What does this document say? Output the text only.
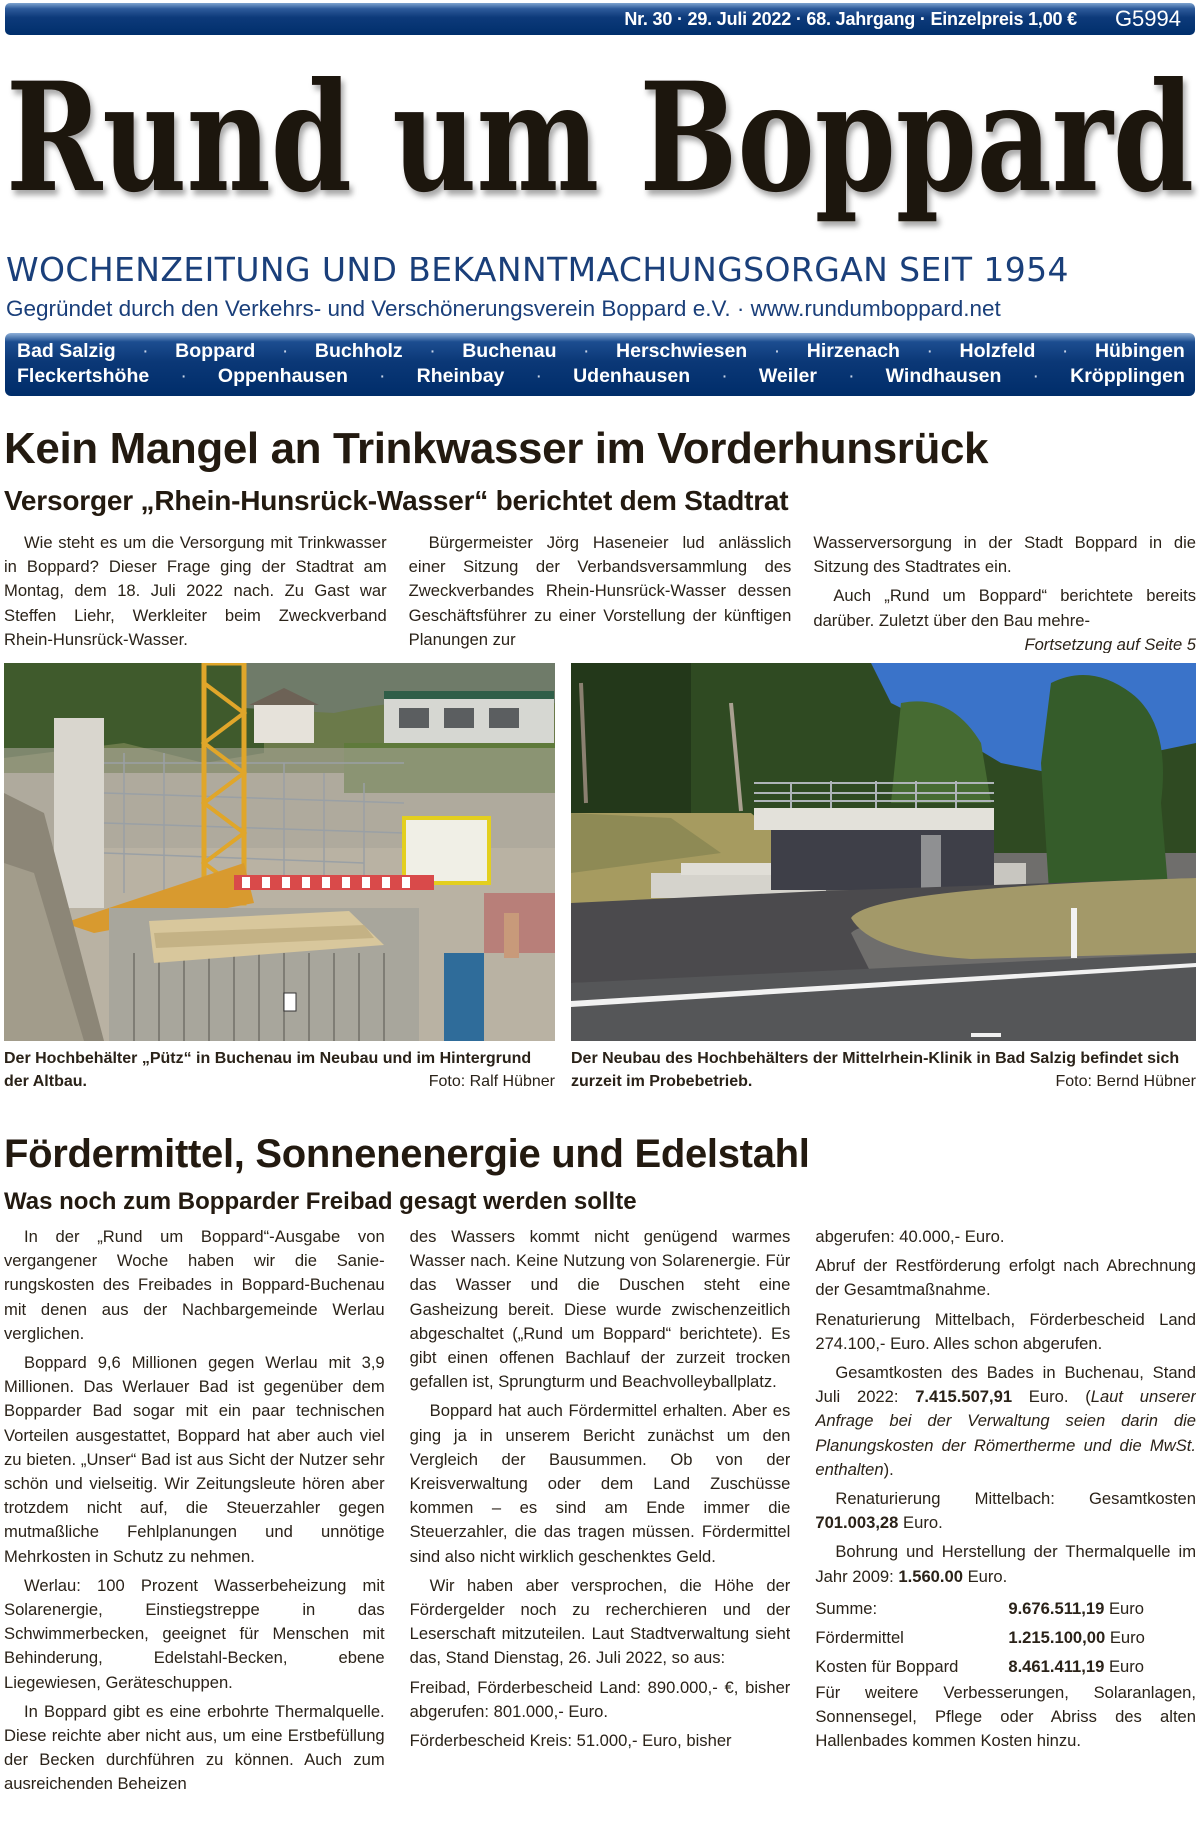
Nr. 30 · 29. Juli 2022 · 68. Jahrgang · Einzelpreis 1,00 € G5994
Rund um Boppard
WOCHENZEITUNG UND BEKANNTMACHUNGSORGAN SEIT 1954
Gegründet durch den Verkehrs- und Verschönerungsverein Boppard e.V. · www.rundumboppard.net
Bad Salzig · Boppard · Buchholz · Buchenau · Herschwiesen · Hirzenach · Holzfeld · Hübingen
Fleckertshöhe · Oppenhausen · Rheinbay · Udenhausen · Weiler · Windhausen · Kröpplingen
Kein Mangel an Trinkwasser im Vorderhunsrück
Versorger „Rhein-Hunsrück-Wasser“ berichtet dem Stadtrat

Wie steht es um die Versorgung mit Trinkwasser in Boppard? Dieser Frage ging der Stadtrat am Montag, dem 18. Juli 2022 nach. Zu Gast war Steffen Liehr, Werkleiter beim Zweckverband Rhein-Hunsrück-Wasser.

Bürgermeister Jörg Haseneier lud anlässlich einer Sitzung der Verbandsversammlung des Zweckverbandes Rhein-Hunsrück-Wasser dessen Geschäftsführer zu einer Vorstellung der künftigen Planungen zur

Wasserversorgung in der Stadt Boppard in die Sitzung des Stadtrates ein.

Auch „Rund um Boppard“ berichtete bereits darüber. Zuletzt über den Bau mehre-

Fortsetzung auf Seite 5
Der Hochbehälter „Pütz“ in Buchenau im Neubau und im Hintergrund der Altbau.	Foto: Ralf Hübner
Der Neubau des Hochbehälters der Mittelrhein-Klinik in Bad Salzig befindet sich zurzeit im Probebetrieb.	Foto: Bernd Hübner
Fördermittel, Sonnenenergie und Edelstahl
Was noch zum Bopparder Freibad gesagt werden sollte

In der „Rund um Boppard“-Ausgabe von vergangener Woche haben wir die Sanierungskosten des Freibades in Boppard-Buchenau mit denen aus der Nachbargemeinde Werlau verglichen.

Boppard 9,6 Millionen gegen Werlau mit 3,9 Millionen. Das Werlauer Bad ist gegenüber dem Bopparder Bad sogar mit ein paar technischen Vorteilen ausgestattet, Boppard hat aber auch viel zu bieten. „Unser“ Bad ist aus Sicht der Nutzer sehr schön und vielseitig. Wir Zeitungsleute hören aber trotzdem nicht auf, die Steuerzahler gegen mutmaßliche Fehlplanungen und unnötige Mehrkosten in Schutz zu nehmen.

Werlau: 100 Prozent Wasserbeheizung mit Solarenergie, Einstiegstreppe in das Schwimmerbecken, geeignet für Menschen mit Behinderung, Edelstahl-Becken, ebene Liegewiesen, Geräteschuppen.

In Boppard gibt es eine erbohrte Thermalquelle. Diese reichte aber nicht aus, um eine Erstbefüllung der Becken durchführen zu können. Auch zum ausreichenden Beheizen

des Wassers kommt nicht genügend warmes Wasser nach. Keine Nutzung von Solarenergie. Für das Wasser und die Duschen steht eine Gasheizung bereit. Diese wurde zwischenzeitlich abgeschaltet („Rund um Boppard“ berichtete). Es gibt einen offenen Bachlauf der zurzeit trocken gefallen ist, Sprungturm und Beachvolleyballplatz.

Boppard hat auch Fördermittel erhalten. Aber es ging ja in unserem Bericht zunächst um den Vergleich der Bausummen. Ob von der Kreisverwaltung oder dem Land Zuschüsse kommen – es sind am Ende immer die Steuerzahler, die das tragen müssen. Fördermittel sind also nicht wirklich geschenktes Geld.

Wir haben aber versprochen, die Höhe der Fördergelder noch zu recherchieren und der Leserschaft mitzuteilen. Laut Stadtverwaltung sieht das, Stand Dienstag, 26. Juli 2022, so aus:

Freibad, Förderbescheid Land: 890.000,- €, bisher abgerufen: 801.000,- Euro.

Förderbescheid Kreis: 51.000,- Euro, bisher

abgerufen: 40.000,- Euro.

Abruf der Restförderung erfolgt nach Abrechnung der Gesamtmaßnahme.

Renaturierung Mittelbach, Förderbescheid Land 274.100,- Euro. Alles schon abgerufen.

Gesamtkosten des Bades in Buchenau, Stand Juli 2022: 7.415.507,91 Euro. (Laut unserer Anfrage bei der Verwaltung seien darin die Planungskosten der Römertherme und die MwSt. enthalten).

Renaturierung Mittelbach: Gesamtkosten 701.003,28 Euro.

Bohrung und Herstellung der Thermalquelle im Jahr 2009: 1.560.00 Euro.

Summe:	9.676.511,19 Euro
Fördermittel	1.215.100,00 Euro
Kosten für Boppard	8.461.411,19 Euro

Für weitere Verbesserungen, Solaranlagen, Sonnensegel, Pflege oder Abriss des alten Hallenbades kommen Kosten hinzu.
